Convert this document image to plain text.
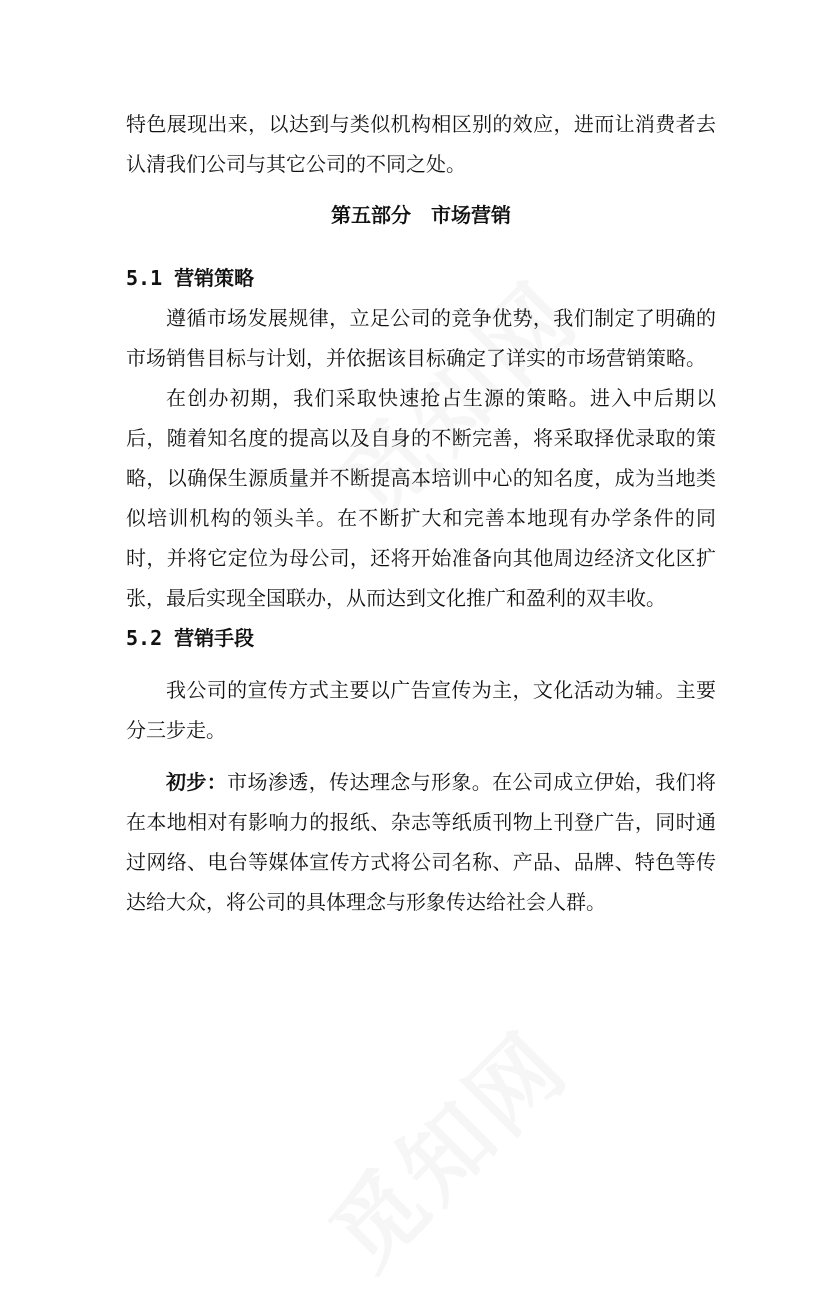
特色展现出来，以达到与类似机构相区别的效应，进而让消费者去认清我们公司与其它公司的不同之处。

第五部分　市场营销
5.1 营销策略

遵循市场发展规律，立足公司的竞争优势，我们制定了明确的市场销售目标与计划，并依据该目标确定了详实的市场营销策略。

在创办初期，我们采取快速抢占生源的策略。进入中后期以后，随着知名度的提高以及自身的不断完善，将采取择优录取的策略，以确保生源质量并不断提高本培训中心的知名度，成为当地类似培训机构的领头羊。在不断扩大和完善本地现有办学条件的同时，并将它定位为母公司，还将开始准备向其他周边经济文化区扩张，最后实现全国联办，从而达到文化推广和盈利的双丰收。

5.2 营销手段

我公司的宣传方式主要以广告宣传为主，文化活动为辅。主要分三步走。

初步：市场渗透，传达理念与形象。在公司成立伊始，我们将在本地相对有影响力的报纸、杂志等纸质刊物上刊登广告，同时通过网络、电台等媒体宣传方式将公司名称、产品、品牌、特色等传达给大众，将公司的具体理念与形象传达给社会人群。
